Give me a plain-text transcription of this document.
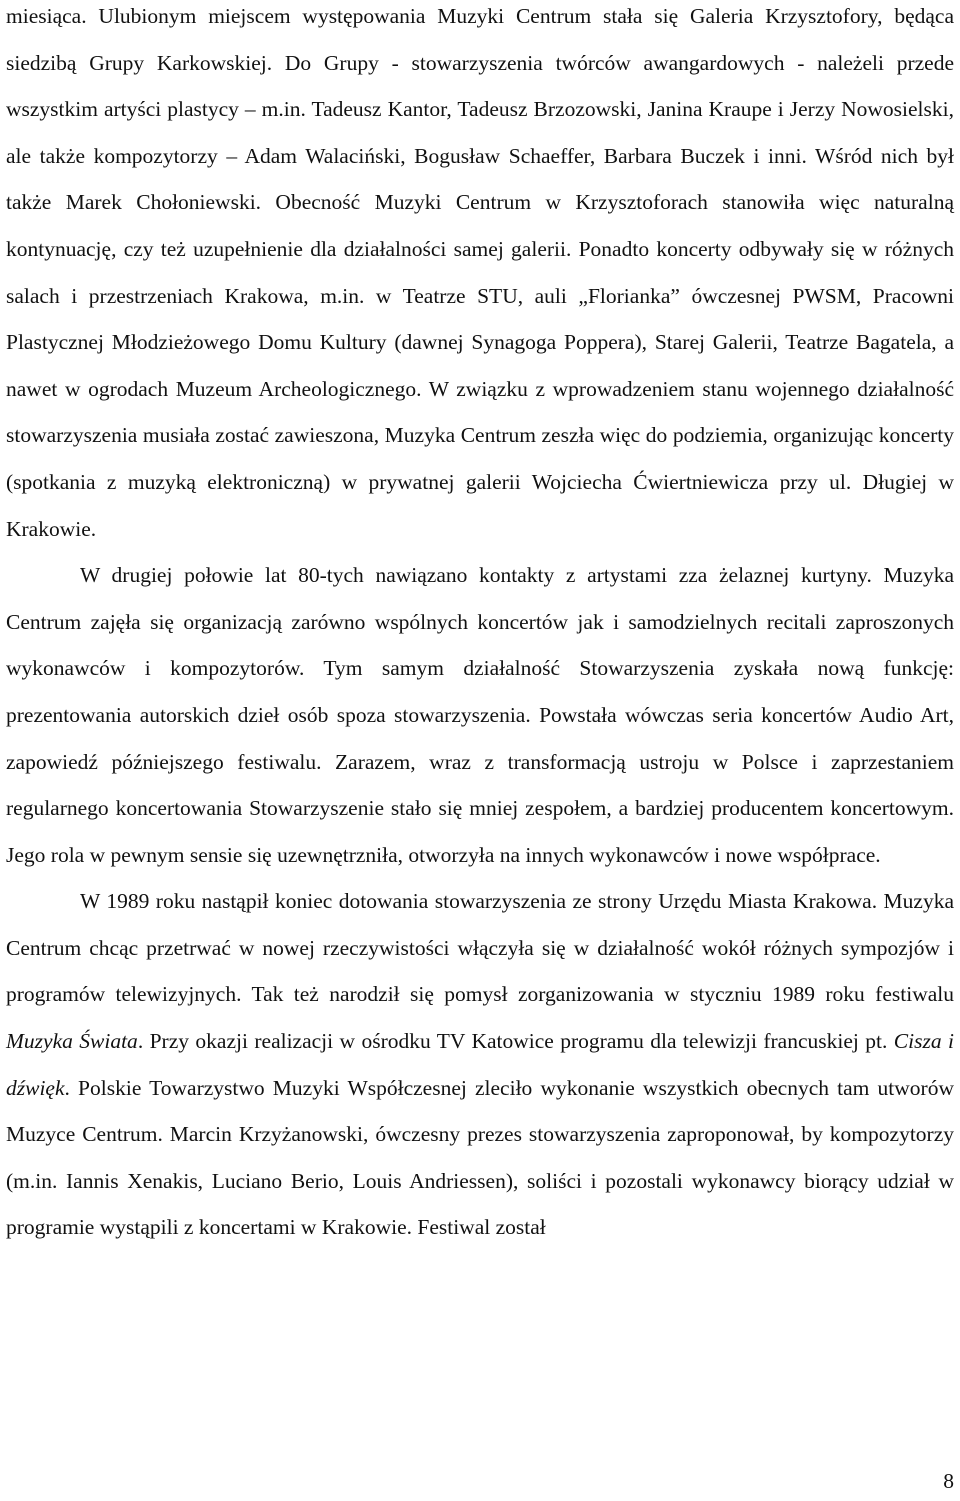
miesiąca. Ulubionym miejscem występowania Muzyki Centrum stała się Galeria Krzysztofory, będąca siedzibą Grupy Karkowskiej. Do Grupy - stowarzyszenia twórców awangardowych - należeli przede wszystkim artyści plastycy – m.in. Tadeusz Kantor, Tadeusz Brzozowski, Janina Kraupe i Jerzy Nowosielski, ale także kompozytorzy – Adam Walaciński, Bogusław Schaeffer, Barbara Buczek i inni. Wśród nich był także Marek Chołoniewski. Obecność Muzyki Centrum w Krzysztoforach stanowiła więc naturalną kontynuację, czy też uzupełnienie dla działalności samej galerii. Ponadto koncerty odbywały się w różnych salach i przestrzeniach Krakowa, m.in. w Teatrze STU, auli „Florianka” ówczesnej PWSM, Pracowni Plastycznej Młodzieżowego Domu Kultury (dawnej Synagoga Poppera), Starej Galerii, Teatrze Bagatela, a nawet w ogrodach Muzeum Archeologicznego. W związku z wprowadzeniem stanu wojennego działalność stowarzyszenia musiała zostać zawieszona, Muzyka Centrum zeszła więc do podziemia, organizując koncerty (spotkania z muzyką elektroniczną) w prywatnej galerii Wojciecha Ćwiertniewicza przy ul. Długiej w Krakowie.

W drugiej połowie lat 80-tych nawiązano kontakty z artystami zza żelaznej kurtyny. Muzyka Centrum zajęła się organizacją zarówno wspólnych koncertów jak i samodzielnych recitali zaproszonych wykonawców i kompozytorów. Tym samym działalność Stowarzyszenia zyskała nową funkcję: prezentowania autorskich dzieł osób spoza stowarzyszenia. Powstała wówczas seria koncertów Audio Art, zapowiedź późniejszego festiwalu. Zarazem, wraz z transformacją ustroju w Polsce i zaprzestaniem regularnego koncertowania Stowarzyszenie stało się mniej zespołem, a bardziej producentem koncertowym. Jego rola w pewnym sensie się uzewnętrzniła, otworzyła na innych wykonawców i nowe współprace.

W 1989 roku nastąpił koniec dotowania stowarzyszenia ze strony Urzędu Miasta Krakowa. Muzyka Centrum chcąc przetrwać w nowej rzeczywistości włączyła się w działalność wokół różnych sympozjów i programów telewizyjnych. Tak też narodził się pomysł zorganizowania w styczniu 1989 roku festiwalu Muzyka Świata. Przy okazji realizacji w ośrodku TV Katowice programu dla telewizji francuskiej pt. Cisza i dźwięk. Polskie Towarzystwo Muzyki Współczesnej zleciło wykonanie wszystkich obecnych tam utworów Muzyce Centrum. Marcin Krzyżanowski, ówczesny prezes stowarzyszenia zaproponował, by kompozytorzy (m.in. Iannis Xenakis, Luciano Berio, Louis Andriessen), soliści i pozostali wykonawcy biorący udział w programie wystąpili z koncertami w Krakowie. Festiwal został

8
